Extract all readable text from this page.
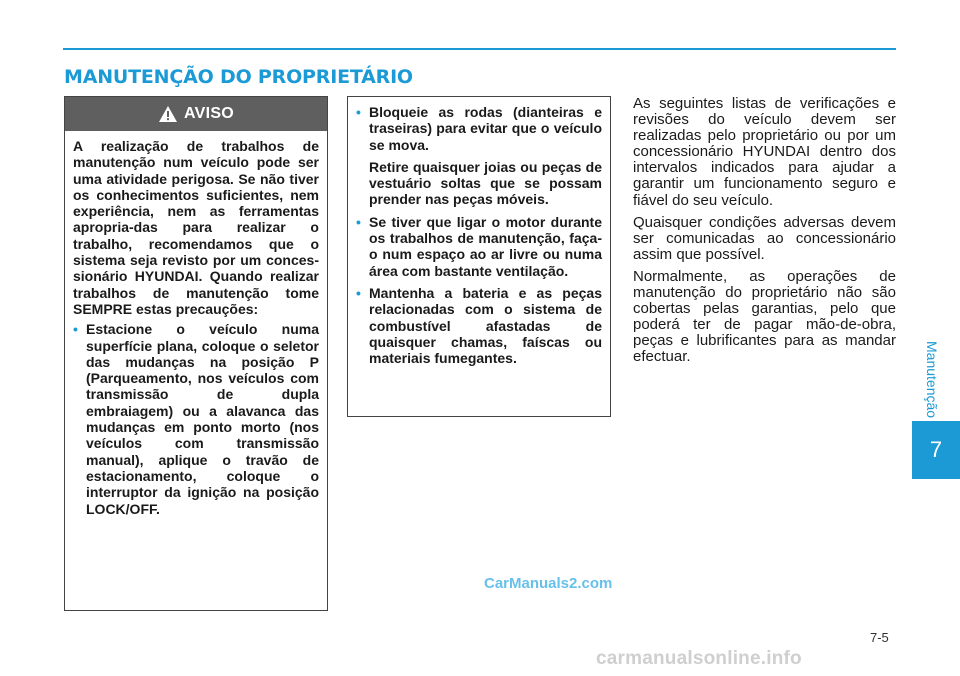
MANUTENÇÃO DO PROPRIETÁRIO
AVISO

A realização de trabalhos de manutenção num veículo pode ser uma atividade perigosa. Se não tiver os conhecimentos suficientes, nem experiência, nem as ferramentas apropria-das para realizar o trabalho, recomendamos que o sistema seja revisto por um conces-sionário HYUNDAI. Quando realizar trabalhos de manutenção tome SEMPRE estas precauções:

• Estacione o veículo numa superfície plana, coloque o seletor das mudanças na posição P (Parqueamento, nos veículos com transmissão de dupla embraiagem) ou a alavanca das mudanças em ponto morto (nos veículos com transmissão manual), aplique o travão de estacionamento, coloque o interruptor da ignição na posição LOCK/OFF.
• Bloqueie as rodas (dianteiras e traseiras) para evitar que o veículo se mova.

Retire quaisquer joias ou peças de vestuário soltas que se possam prender nas peças móveis.

• Se tiver que ligar o motor durante os trabalhos de manutenção, faça-o num espaço ao ar livre ou numa área com bastante ventilação.
• Mantenha a bateria e as peças relacionadas com o sistema de combustível afastadas de quaisquer chamas, faíscas ou materiais fumegantes.

As seguintes listas de verificações e revisões do veículo devem ser realizadas pelo proprietário ou por um concessionário HYUNDAI dentro dos intervalos indicados para ajudar a garantir um funcionamento seguro e fiável do seu veículo.

Quaisquer condições adversas devem ser comunicadas ao concessionário assim que possível.

Normalmente, as operações de manutenção do proprietário não são cobertas pelas garantias, pelo que poderá ter de pagar mão-de-obra, peças e lubrificantes para as mandar efectuar.	Manutenção
7
7-5
CarManuals2.com
carmanualsonline.info
